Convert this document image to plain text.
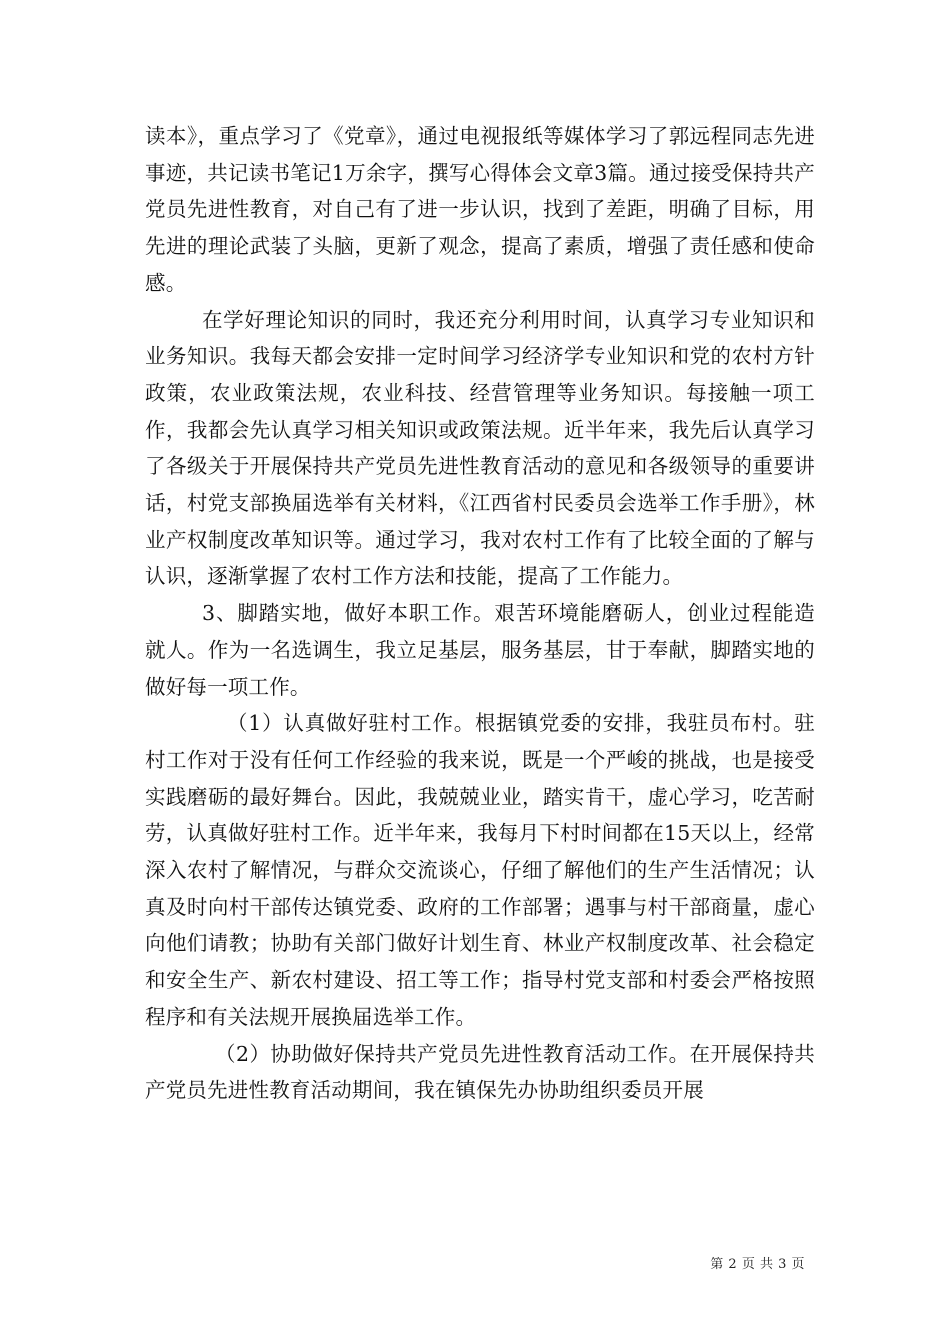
读本》，重点学习了《党章》，通过电视报纸等媒体学习了郭远程同志先进事迹，共记读书笔记1万余字，撰写心得体会文章3篇。通过接受保持共产党员先进性教育，对自己有了进一步认识，找到了差距，明确了目标，用先进的理论武装了头脑，更新了观念，提高了素质，增强了责任感和使命感。

在学好理论知识的同时，我还充分利用时间，认真学习专业知识和业务知识。我每天都会安排一定时间学习经济学专业知识和党的农村方针政策，农业政策法规，农业科技、经营管理等业务知识。每接触一项工作，我都会先认真学习相关知识或政策法规。近半年来，我先后认真学习了各级关于开展保持共产党员先进性教育活动的意见和各级领导的重要讲话，村党支部换届选举有关材料，《江西省村民委员会选举工作手册》，林业产权制度改革知识等。通过学习，我对农村工作有了比较全面的了解与认识，逐渐掌握了农村工作方法和技能，提高了工作能力。

3、脚踏实地，做好本职工作。艰苦环境能磨砺人，创业过程能造就人。作为一名选调生，我立足基层，服务基层，甘于奉献，脚踏实地的做好每一项工作。

（1）认真做好驻村工作。根据镇党委的安排，我驻员布村。驻村工作对于没有任何工作经验的我来说，既是一个严峻的挑战，也是接受实践磨砺的最好舞台。因此，我兢兢业业，踏实肯干，虚心学习，吃苦耐劳，认真做好驻村工作。近半年来，我每月下村时间都在15天以上，经常深入农村了解情况，与群众交流谈心，仔细了解他们的生产生活情况；认真及时向村干部传达镇党委、政府的工作部署；遇事与村干部商量，虚心向他们请教；协助有关部门做好计划生育、林业产权制度改革、社会稳定和安全生产、新农村建设、招工等工作；指导村党支部和村委会严格按照程序和有关法规开展换届选举工作。

（2）协助做好保持共产党员先进性教育活动工作。在开展保持共产党员先进性教育活动期间，我在镇保先办协助组织委员开展

第 2 页 共 3 页
